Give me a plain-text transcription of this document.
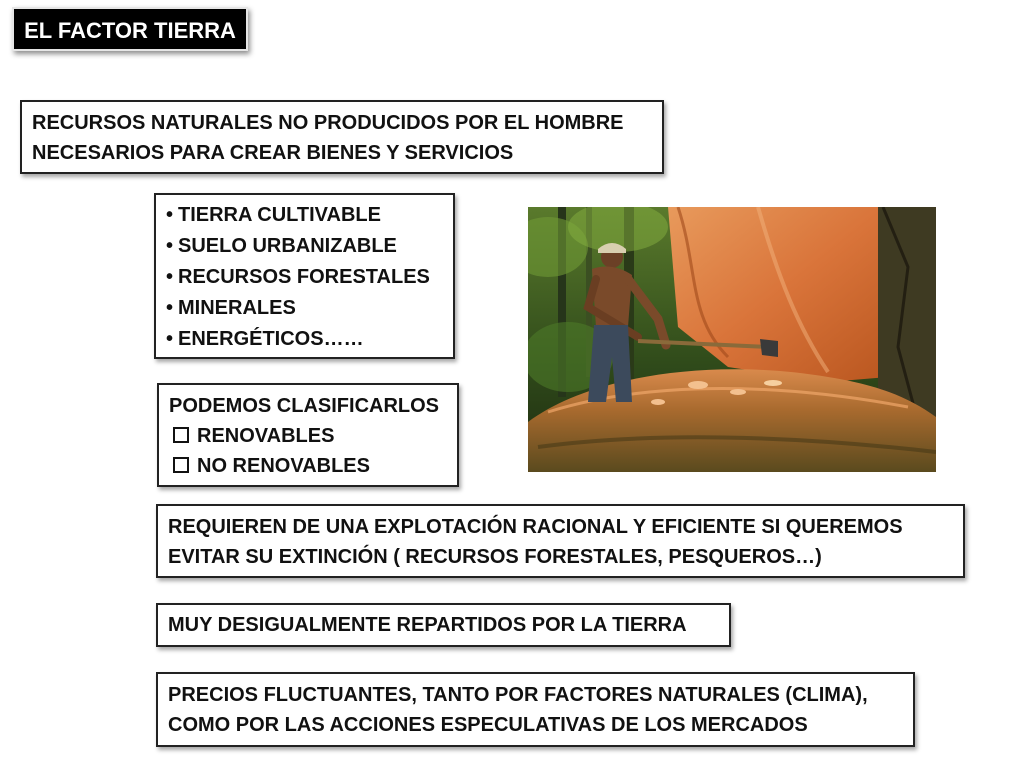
EL FACTOR TIERRA
RECURSOS NATURALES NO PRODUCIDOS POR EL HOMBRE
NECESARIOS PARA CREAR BIENES Y SERVICIOS
• TIERRA CULTIVABLE
• SUELO URBANIZABLE
• RECURSOS FORESTALES
• MINERALES
• ENERGÉTICOS……
PODEMOS CLASIFICARLOS
RENOVABLES
NO RENOVABLES
REQUIEREN DE UNA EXPLOTACIÓN RACIONAL Y EFICIENTE SI QUEREMOS
EVITAR SU EXTINCIÓN ( RECURSOS FORESTALES, PESQUEROS…)
MUY DESIGUALMENTE REPARTIDOS POR LA TIERRA
PRECIOS FLUCTUANTES, TANTO POR FACTORES NATURALES (CLIMA),
COMO POR LAS ACCIONES ESPECULATIVAS DE LOS MERCADOS
